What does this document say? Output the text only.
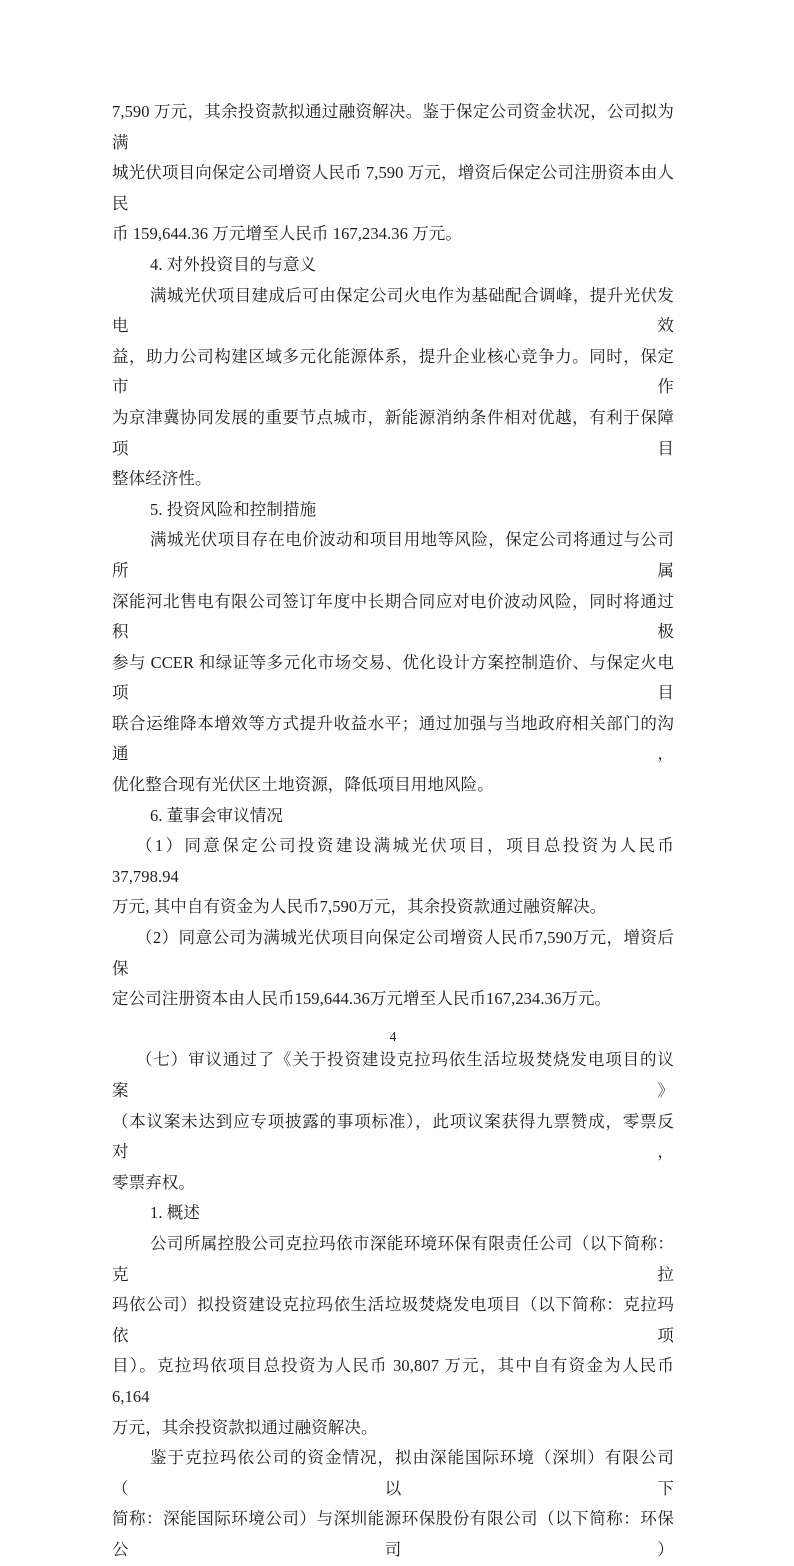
7,590 万元，其余投资款拟通过融资解决。鉴于保定公司资金状况，公司拟为满
城光伏项目向保定公司增资人民币 7,590 万元，增资后保定公司注册资本由人民
币 159,644.36 万元增至人民币 167,234.36 万元。
4. 对外投资目的与意义
满城光伏项目建成后可由保定公司火电作为基础配合调峰，提升光伏发电效
益，助力公司构建区域多元化能源体系，提升企业核心竞争力。同时，保定市作
为京津冀协同发展的重要节点城市，新能源消纳条件相对优越，有利于保障项目
整体经济性。
5. 投资风险和控制措施
满城光伏项目存在电价波动和项目用地等风险，保定公司将通过与公司所属
深能河北售电有限公司签订年度中长期合同应对电价波动风险，同时将通过积极
参与 CCER 和绿证等多元化市场交易、优化设计方案控制造价、与保定火电项目
联合运维降本增效等方式提升收益水平；通过加强与当地政府相关部门的沟通，
优化整合现有光伏区土地资源，降低项目用地风险。
6. 董事会审议情况
（1）同意保定公司投资建设满城光伏项目，项目总投资为人民币37,798.94
万元, 其中自有资金为人民币7,590万元，其余投资款通过融资解决。
（2）同意公司为满城光伏项目向保定公司增资人民币7,590万元，增资后保
定公司注册资本由人民币159,644.36万元增至人民币167,234.36万元。
（七）审议通过了《关于投资建设克拉玛依生活垃圾焚烧发电项目的议案》
（本议案未达到应专项披露的事项标准），此项议案获得九票赞成，零票反对，
零票弃权。
1. 概述
公司所属控股公司克拉玛依市深能环境环保有限责任公司（以下简称：克拉
玛依公司）拟投资建设克拉玛依生活垃圾焚烧发电项目（以下简称：克拉玛依项
目）。克拉玛依项目总投资为人民币 30,807 万元，其中自有资金为人民币 6,164
万元，其余投资款拟通过融资解决。
鉴于克拉玛依公司的资金情况，拟由深能国际环境（深圳）有限公司（以下
简称：深能国际环境公司）与深圳能源环保股份有限公司（以下简称：环保公司）
4
